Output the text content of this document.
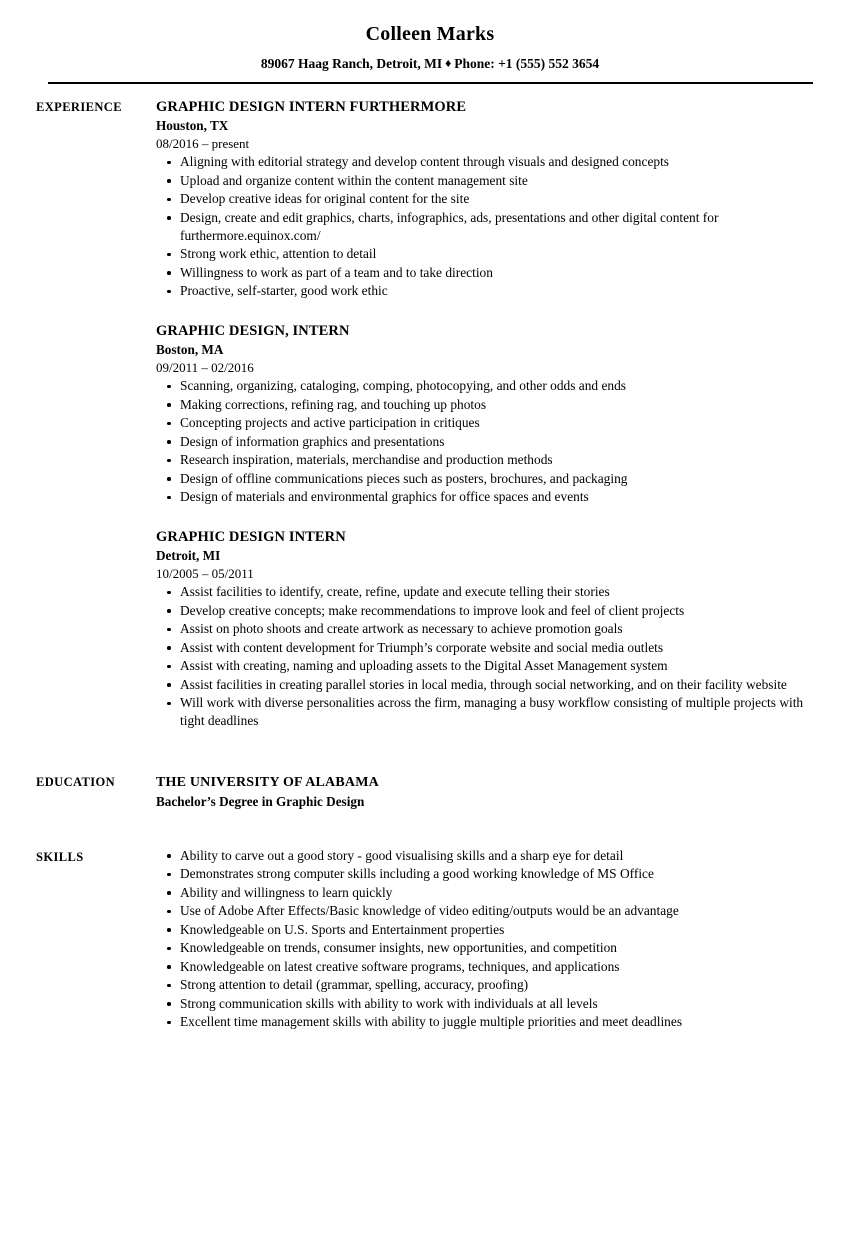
Colleen Marks
89067 Haag Ranch, Detroit, MI ♦ Phone: +1 (555) 552 3654
EXPERIENCE	GRAPHIC DESIGN INTERN FURTHERMORE
Houston, TX
08/2016 – present
Aligning with editorial strategy and develop content through visuals and designed concepts
Upload and organize content within the content management site
Develop creative ideas for original content for the site
Design, create and edit graphics, charts, infographics, ads, presentations and other digital content for furthermore.equinox.com/
Strong work ethic, attention to detail
Willingness to work as part of a team and to take direction
Proactive, self-starter, good work ethic
GRAPHIC DESIGN, INTERN
Boston, MA
09/2011 – 02/2016
Scanning, organizing, cataloging, comping, photocopying, and other odds and ends
Making corrections, refining rag, and touching up photos
Concepting projects and active participation in critiques
Design of information graphics and presentations
Research inspiration, materials, merchandise and production methods
Design of offline communications pieces such as posters, brochures, and packaging
Design of materials and environmental graphics for office spaces and events
GRAPHIC DESIGN INTERN
Detroit, MI
10/2005 – 05/2011
Assist facilities to identify, create, refine, update and execute telling their stories
Develop creative concepts; make recommendations to improve look and feel of client projects
Assist on photo shoots and create artwork as necessary to achieve promotion goals
Assist with content development for Triumph’s corporate website and social media outlets
Assist with creating, naming and uploading assets to the Digital Asset Management system
Assist facilities in creating parallel stories in local media, through social networking, and on their facility website
Will work with diverse personalities across the firm, managing a busy workflow consisting of multiple projects with tight deadlines
EDUCATION	THE UNIVERSITY OF ALABAMA
Bachelor’s Degree in Graphic Design
SKILLS	Ability to carve out a good story - good visualising skills and a sharp eye for detail
Demonstrates strong computer skills including a good working knowledge of MS Office
Ability and willingness to learn quickly
Use of Adobe After Effects/Basic knowledge of video editing/outputs would be an advantage
Knowledgeable on U.S. Sports and Entertainment properties
Knowledgeable on trends, consumer insights, new opportunities, and competition
Knowledgeable on latest creative software programs, techniques, and applications
Strong attention to detail (grammar, spelling, accuracy, proofing)
Strong communication skills with ability to work with individuals at all levels
Excellent time management skills with ability to juggle multiple priorities and meet deadlines
